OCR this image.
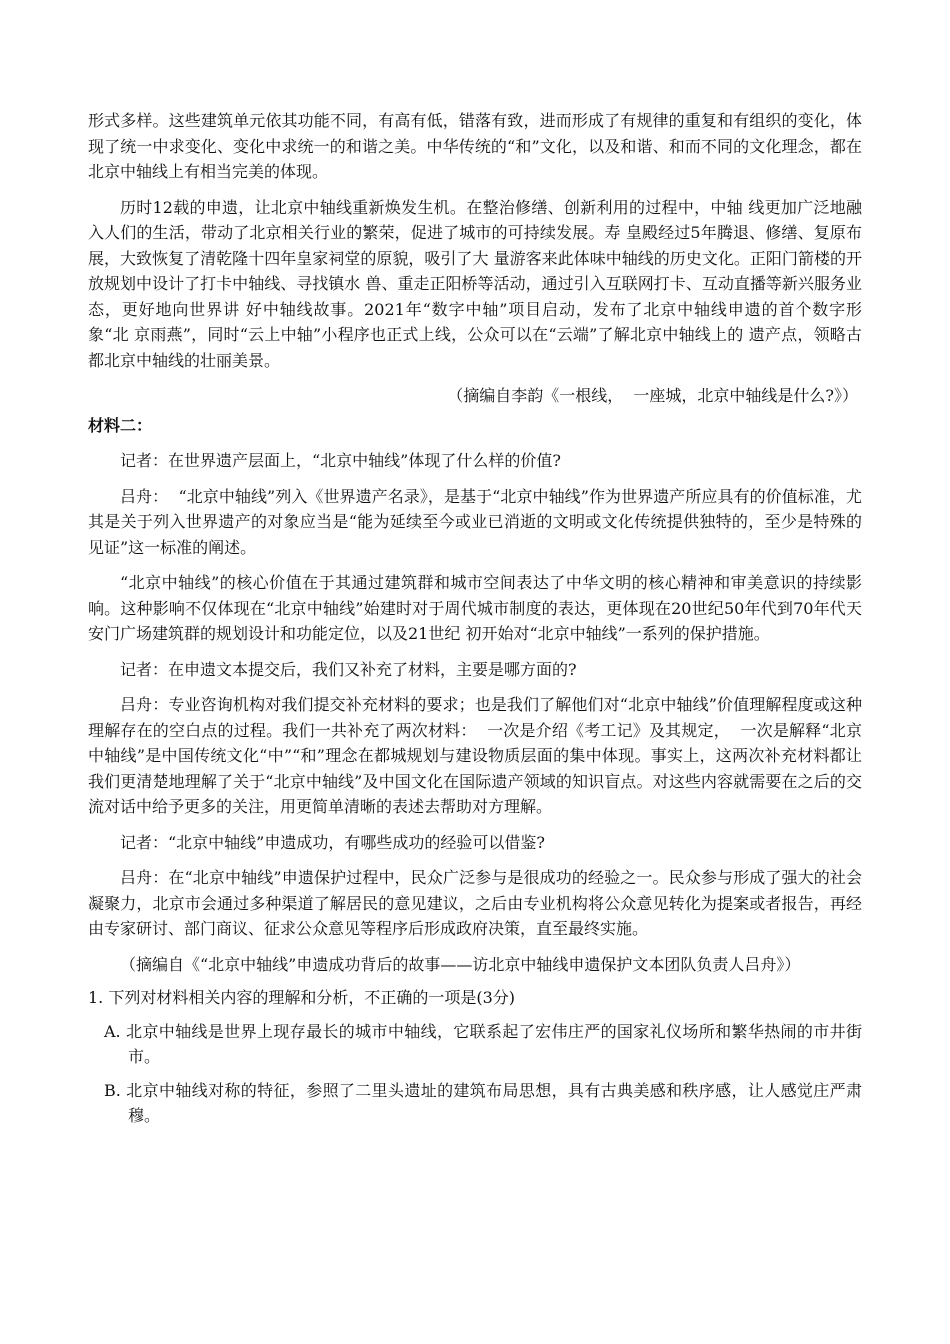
形式多样。这些建筑单元依其功能不同，有高有低，错落有致，进而形成了有规律的重复和有组织的变化，体现了统一中求变化、变化中求统一的和谐之美。中华传统的“和”文化，以及和谐、和而不同的文化理念，都在北京中轴线上有相当完美的体现。

历时12载的申遗，让北京中轴线重新焕发生机。在整治修缮、创新利用的过程中，中轴 线更加广泛地融入人们的生活，带动了北京相关行业的繁荣，促进了城市的可持续发展。寿 皇殿经过5年腾退、修缮、复原布展，大致恢复了清乾隆十四年皇家祠堂的原貌，吸引了大 量游客来此体味中轴线的历史文化。正阳门箭楼的开放规划中设计了打卡中轴线、寻找镇水 兽、重走正阳桥等活动，通过引入互联网打卡、互动直播等新兴服务业态，更好地向世界讲 好中轴线故事。2021年“数字中轴”项目启动，发布了北京中轴线申遗的首个数字形象“北 京雨燕”，同时“云上中轴”小程序也正式上线，公众可以在“云端”了解北京中轴线上的 遗产点，领略古都北京中轴线的壮丽美景。

（摘编自李韵《一根线，  一座城，北京中轴线是什么?》）

材料二：

记者：在世界遗产层面上，“北京中轴线”体现了什么样的价值?

吕舟：  “北京中轴线”列入《世界遗产名录》，是基于“北京中轴线”作为世界遗产所应具有的价值标准，尤其是关于列入世界遗产的对象应当是“能为延续至今或业已消逝的文明或文化传统提供独特的，至少是特殊的见证”这一标准的阐述。

“北京中轴线”的核心价值在于其通过建筑群和城市空间表达了中华文明的核心精神和审美意识的持续影响。这种影响不仅体现在“北京中轴线”始建时对于周代城市制度的表达，更体现在20世纪50年代到70年代天安门广场建筑群的规划设计和功能定位，以及21世纪 初开始对“北京中轴线”一系列的保护措施。

记者：在申遗文本提交后，我们又补充了材料，主要是哪方面的?

吕舟：专业咨询机构对我们提交补充材料的要求；也是我们了解他们对“北京中轴线”价值理解程度或这种理解存在的空白点的过程。我们一共补充了两次材料：  一次是介绍《考工记》及其规定，  一次是解释“北京中轴线”是中国传统文化“中”“和”理念在都城规划与建设物质层面的集中体现。事实上，这两次补充材料都让我们更清楚地理解了关于“北京中轴线”及中国文化在国际遗产领域的知识盲点。对这些内容就需要在之后的交流对话中给予更多的关注，用更简单清晰的表述去帮助对方理解。

记者：“北京中轴线”申遗成功，有哪些成功的经验可以借鉴?

吕舟：在“北京中轴线”申遗保护过程中，民众广泛参与是很成功的经验之一。民众参与形成了强大的社会凝聚力，北京市会通过多种渠道了解居民的意见建议，之后由专业机构将公众意见转化为提案或者报告，再经由专家研讨、部门商议、征求公众意见等程序后形成政府决策，直至最终实施。

（摘编自《“北京中轴线”申遗成功背后的故事——访北京中轴线申遗保护文本团队负责人吕舟》）

1. 下列对材料相关内容的理解和分析，不正确的一项是(3分)

A. 北京中轴线是世界上现存最长的城市中轴线，它联系起了宏伟庄严的国家礼仪场所和繁华热闹的市井街市。

B. 北京中轴线对称的特征，参照了二里头遗址的建筑布局思想，具有古典美感和秩序感，让人感觉庄严肃穆。
